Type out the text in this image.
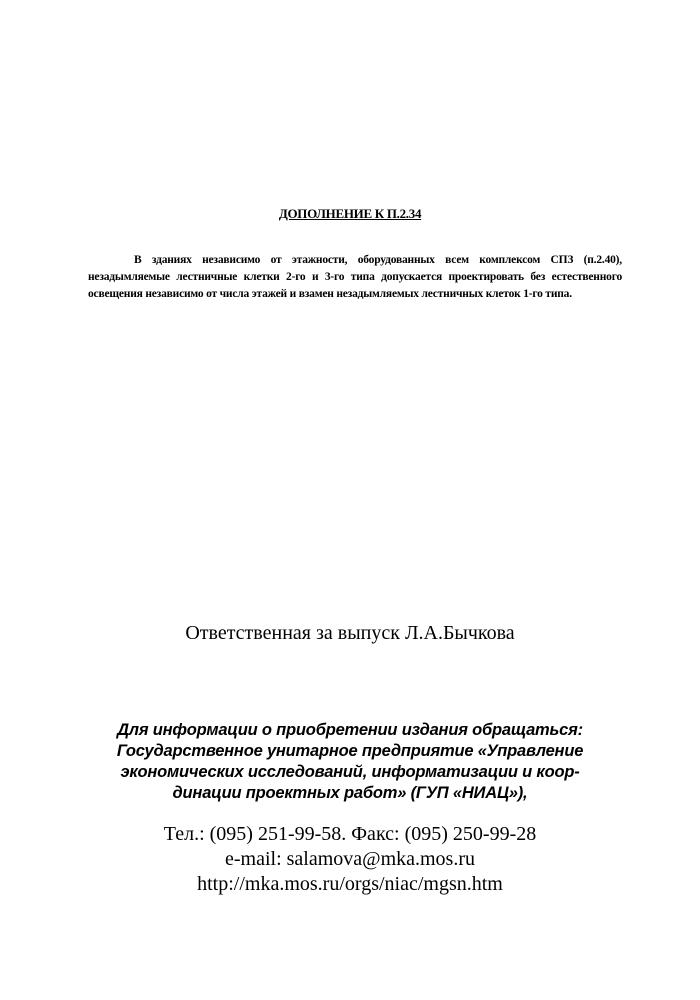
ДОПОЛНЕНИЕ К П.2.34

В зданиях независимо от этажности, оборудованных всем комплексом СПЗ (п.2.40), незадымляемые лестничные клетки 2-го и 3-го типа допускается проектировать без естественного освещения независимо от числа этажей и взамен незадымляемых лестничных клеток 1-го типа.

Ответственная за выпуск Л.А.Бычкова
Для информации о приобретении издания обращаться:
Государственное унитарное предприятие «Управление
экономических исследований, информатизации и коор-
динации проектных работ» (ГУП «НИАЦ»),
Тел.: (095) 251-99-58. Факс: (095) 250-99-28
e-mail: salamova@mka.mos.ru
http://mka.mos.ru/orgs/niac/mgsn.htm
